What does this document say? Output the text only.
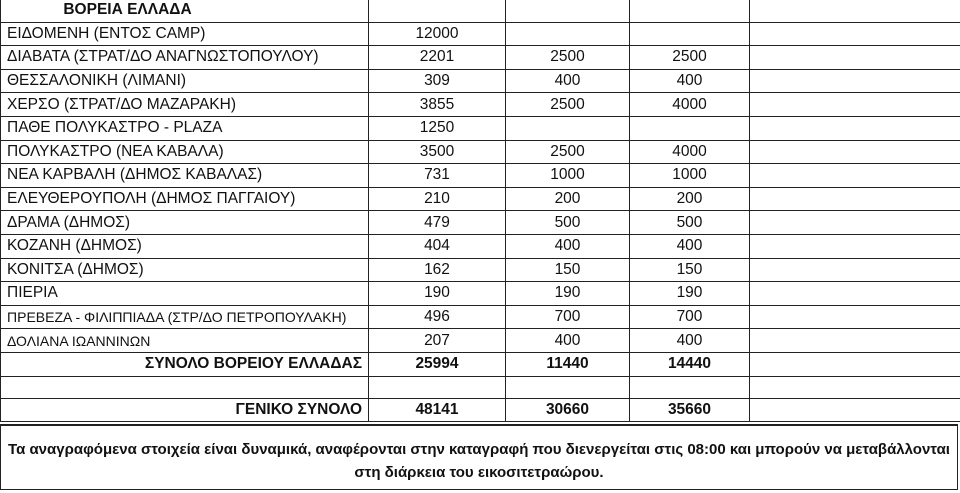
ΒΟΡΕΙΑ ΕΛΛΑΔΑ				
ΕΙΔΟΜΕΝΗ (ΕΝΤΟΣ CAMP)	12000			
ΔΙΑΒΑΤΑ (ΣΤΡΑΤ/ΔΟ ΑΝΑΓΝΩΣΤΟΠΟΥΛΟΥ)	2201	2500	2500	
ΘΕΣΣΑΛΟΝΙΚΗ (ΛΙΜΑΝΙ)	309	400	400	
ΧΕΡΣΟ (ΣΤΡΑΤ/ΔΟ ΜΑΖΑΡΑΚΗ)	3855	2500	4000	
ΠΑΘΕ ΠΟΛΥΚΑΣΤΡΟ - PLAZA	1250			
ΠΟΛΥΚΑΣΤΡΟ (ΝΕΑ ΚΑΒΑΛΑ)	3500	2500	4000	
ΝΕΑ ΚΑΡΒΑΛΗ (ΔΗΜΟΣ ΚΑΒΑΛΑΣ)	731	1000	1000	
ΕΛΕΥΘΕΡΟΥΠΟΛΗ (ΔΗΜΟΣ ΠΑΓΓΑΙΟΥ)	210	200	200	
ΔΡΑΜΑ (ΔΗΜΟΣ)	479	500	500	
ΚΟΖΑΝΗ (ΔΗΜΟΣ)	404	400	400	
ΚΟΝΙΤΣΑ (ΔΗΜΟΣ)	162	150	150	
ΠΙΕΡΙΑ	190	190	190	
ΠΡΕΒΕΖΑ - ΦΙΛΙΠΠΙΑΔΑ (ΣΤΡ/ΔΟ ΠΕΤΡΟΠΟΥΛΑΚΗ)	496	700	700	
ΔΟΛΙΑΝΑ ΙΩΑΝΝΙΝΩΝ	207	400	400	
ΣΥΝΟΛΟ ΒΟΡΕΙΟΥ ΕΛΛΑΔΑΣ	25994	11440	14440	

ΓΕΝΙΚΟ ΣΥΝΟΛΟ	48141	30660	35660	
Τα αναγραφόμενα στοιχεία είναι δυναμικά, αναφέρονται στην καταγραφή που διενεργείται στις 08:00 και μπορούν να μεταβάλλονται στη διάρκεια του εικοσιτετραώρου.
